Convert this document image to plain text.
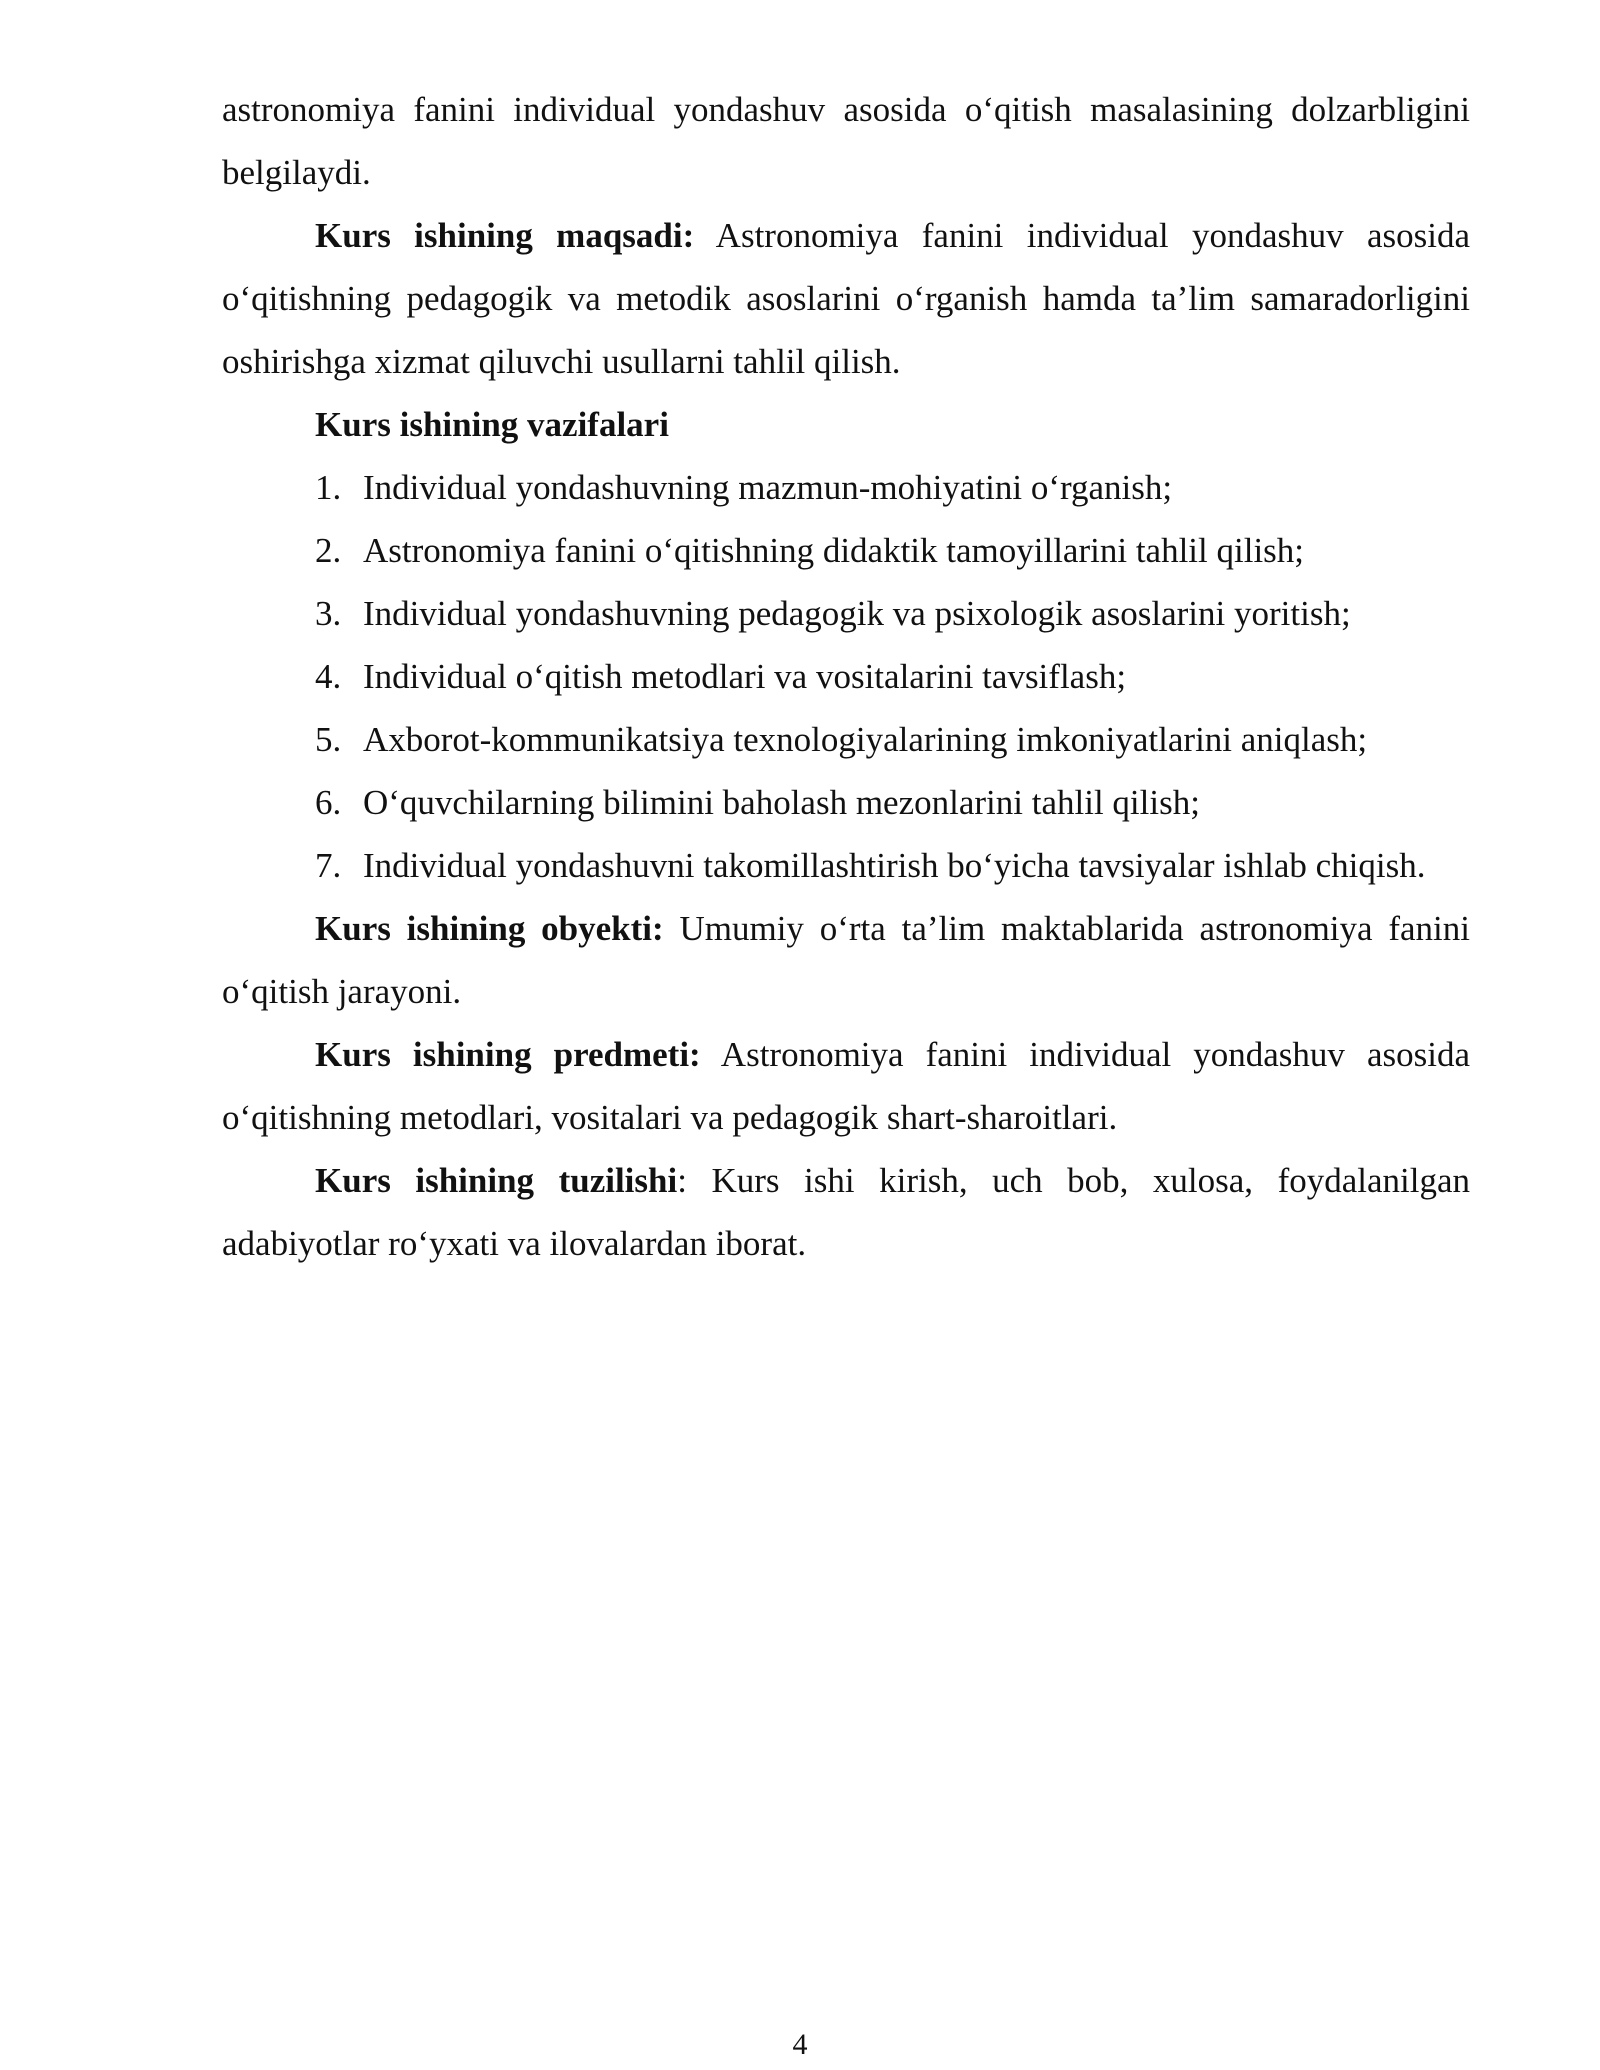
astronomiya fanini individual yondashuv asosida o‘qitish masalasining dolzarbligini belgilaydi.

Kurs ishining maqsadi: Astronomiya fanini individual yondashuv asosida o‘qitishning pedagogik va metodik asoslarini o‘rganish hamda ta’lim samaradorligini oshirishga xizmat qiluvchi usullarni tahlil qilish.

Kurs ishining vazifalari

1. Individual yondashuvning mazmun-mohiyatini o‘rganish;
2. Astronomiya fanini o‘qitishning didaktik tamoyillarini tahlil qilish;
3. Individual yondashuvning pedagogik va psixologik asoslarini yoritish;
4. Individual o‘qitish metodlari va vositalarini tavsiflash;
5. Axborot-kommunikatsiya texnologiyalarining imkoniyatlarini aniqlash;
6. O‘quvchilarning bilimini baholash mezonlarini tahlil qilish;
7. Individual yondashuvni takomillashtirish bo‘yicha tavsiyalar ishlab chiqish.

Kurs ishining obyekti: Umumiy o‘rta ta’lim maktablarida astronomiya fanini o‘qitish jarayoni.

Kurs ishining predmeti: Astronomiya fanini individual yondashuv asosida o‘qitishning metodlari, vositalari va pedagogik shart-sharoitlari.

Kurs ishining tuzilishi: Kurs ishi kirish, uch bob, xulosa, foydalanilgan adabiyotlar ro‘yxati va ilovalardan iborat.

4
